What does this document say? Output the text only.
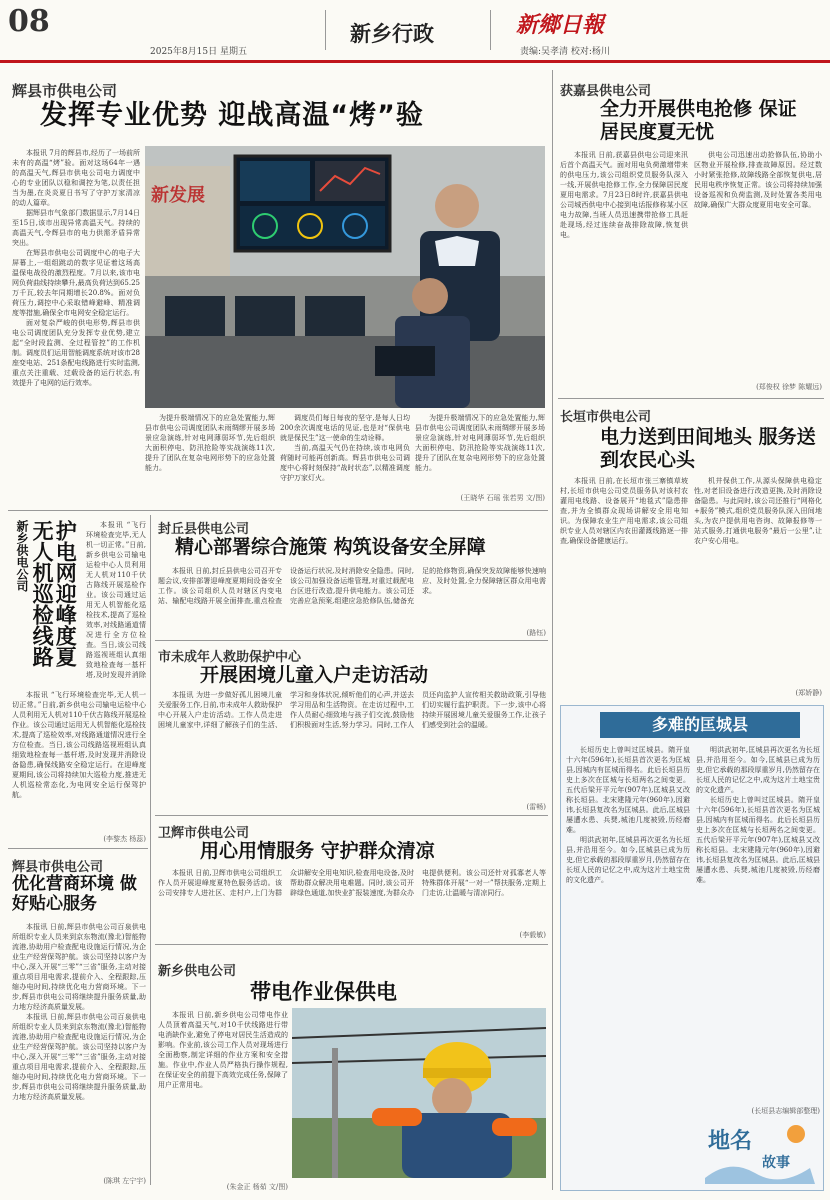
08
2025年8月15日 星期五
新乡行政	新鄉日報
责编:吴孝清 校对:杨川
辉县市供电公司
发挥专业优势 迎战高温“烤”验

本报讯 7月的辉县市,经历了一场前所未有的高温“烤”验。面对这场64年一遇的高温天气,辉县市供电公司电力调度中心的专业团队以稳和调控为笔,以责任担当为墨,在炎炎夏日书写了守护万家清凉的动人篇章。

据辉县市气象部门数据显示,7月14日至15日,该市出现异常高温天气。持续的高温天气,令辉县市的电力供需矛盾异常突出。

在辉县市供电公司调度中心的电子大屏幕上,一组组跳动的数字见证着这场高温保电战役的激烈程度。7月以来,该市电网负荷曲线持续攀升,最高负荷达到65.25万千瓦,较去年同期增长20.8%。面对负荷压力,调控中心采取错峰避峰、精准调度等措施,确保全市电网安全稳定运行。

面对复杂严峻的供电形势,辉县市供电公司调度团队充分发挥专业优势,建立起“全时段监测、全过程管控”的工作机制。调度员们运用智能调度系统对该市28座变电站、251条配电线路进行实时监测,重点关注重载、过载设备的运行状态,有效提升了电网的运行效率。

新发展

为提升极端情况下的应急处置能力,辉县市供电公司调度团队未雨绸缪开展多场景应急演练,针对电网薄弱环节,先后组织大面积停电、防汛抢险等实战演练11次,提升了团队在复杂电网形势下的应急处置能力。

调度员们每日每夜的坚守,是每人日均200余次调度电话的见证,也是对“保供电就是保民生”这一使命的生动诠释。

当前,高温天气仍在持续,该市电网负荷随时可能再创新高。辉县市供电公司调度中心将时刻保持“战时状态”,以精准调度守护万家灯火。

为提升极端情况下的应急处置能力,辉县市供电公司调度团队未雨绸缪开展多场景应急演练,针对电网薄弱环节,先后组织大面积停电、防汛抢险等实战演练11次,提升了团队在复杂电网形势下的应急处置能力。

(王晓华 石瑶 张若男 文/图)
获嘉县供电公司
全力开展供电抢修 保证居民度夏无忧

本报讯 日前,获嘉县供电公司迎来汛后首个高温天气。面对用电负荷激增带来的供电压力,该公司组织党员服务队深入一线,开展供电抢修工作,全力保障居民度夏用电需求。7月23日8时许,获嘉县供电公司城西供电中心接到电话报修称某小区电力故障,当班人员迅速携带抢修工具赶赴现场,经过连续奋战排除故障,恢复供电。

供电公司迅速出动抢修队伍,协助小区物业开展检修,排查故障原因。经过数小时紧张抢修,故障线路全部恢复供电,居民用电秩序恢复正常。该公司将持续加强设备巡视和负荷监测,及时处置各类用电故障,确保广大群众度夏用电安全可靠。

(郑俊权 徐梦 陈耀远)
长垣市供电公司
电力送到田间地头 服务送到农民心头

本报讯 日前,在长垣市张三寨镇草坡村,长垣市供电公司党员服务队对该村农灌用电线路、设备展开“地毯式”隐患排查,并为全镇群众现场讲解安全用电知识。为保障农业生产用电需求,该公司组织专业人员对辖区内农田灌溉线路逐一排查,确保设备健康运行。

机井保供工作,从源头保障供电稳定性,对老旧设备进行改造更换,及时消除设备隐患。与此同时,该公司还推行“网格化+服务”模式,组织党员服务队深入田间地头,为农户提供用电咨询、故障报修等一站式服务,打通供电服务“最后一公里”,让农户安心用电。

(郑娇静)
新乡供电公司	护电网迎峰度夏 无人机巡检线路	本报讯 “飞行环境检查完毕,无人机一切正常。”日前,新乡供电公司输电运检中心人员利用无人机对110千伏古陈线开展巡检作业。该公司通过运用无人机智能化巡检技术,提高了巡检效率,对线路通道情况进行全方位检查。当日,该公司线路巡视班组认真细致地检查每一基杆塔,及时发现并消除

本报讯 “飞行环境检查完毕,无人机一切正常。”日前,新乡供电公司输电运检中心人员利用无人机对110千伏古陈线开展巡检作业。该公司通过运用无人机智能化巡检技术,提高了巡检效率,对线路通道情况进行全方位检查。当日,该公司线路巡视班组认真细致地检查每一基杆塔,及时发现并消除设备隐患,确保线路安全稳定运行。在迎峰度夏期间,该公司将持续加大巡检力度,推进无人机巡检常态化,为电网安全运行保驾护航。

(李黎杰 杨蕊)
封丘县供电公司
精心部署综合施策 构筑设备安全屏障

本报讯 日前,封丘县供电公司召开专题会议,安排部署迎峰度夏期间设备安全工作。该公司组织人员对辖区内变电站、输配电线路开展全面排查,重点检查设备运行状况,及时消除安全隐患。同时,该公司加强设备运维管理,对重过载配电台区进行改造,提升供电能力。该公司还完善应急预案,组建应急抢修队伍,储备充足的抢修物资,确保突发故障能够快速响应、及时处置,全力保障辖区群众用电需求。

(路钰)
市未成年人救助保护中心
开展困境儿童入户走访活动

本报讯 为进一步做好孤儿困境儿童关爱服务工作,日前,市未成年人救助保护中心开展入户走访活动。工作人员走进困境儿童家中,详细了解孩子们的生活、学习和身体状况,倾听他们的心声,并送去学习用品和生活物资。在走访过程中,工作人员耐心细致地与孩子们交流,鼓励他们积极面对生活,努力学习。同时,工作人员还向监护人宣传相关救助政策,引导他们切实履行监护职责。下一步,该中心将持续开展困境儿童关爱服务工作,让孩子们感受到社会的温暖。

(雷畅)
卫辉市供电公司
用心用情服务 守护群众清凉

本报讯 日前,卫辉市供电公司组织工作人员开展迎峰度夏特色服务活动。该公司安排专人进社区、走村户,上门为群众讲解安全用电知识,检查用电设备,及时帮助群众解决用电难题。同时,该公司开辟绿色通道,加快业扩报装速度,为群众办电提供便利。该公司还针对孤寡老人等特殊群体开展“一对一”帮扶服务,定期上门走访,让温暖与清凉同行。

(李毅敏)
辉县市供电公司
优化营商环境 做好贴心服务

本报讯 日前,辉县市供电公司百泉供电所组织专业人员来到京东物流(豫北)智能物流港,协助用户检查配电设施运行情况,为企业生产经营保驾护航。该公司坚持以客户为中心,深入开展“三零”“三省”服务,主动对接重点项目用电需求,提前介入、全程跟踪,压缩办电时间,持续优化电力营商环境。下一步,辉县市供电公司将继续提升服务质量,助力地方经济高质量发展。

本报讯 日前,辉县市供电公司百泉供电所组织专业人员来到京东物流(豫北)智能物流港,协助用户检查配电设施运行情况,为企业生产经营保驾护航。该公司坚持以客户为中心,深入开展“三零”“三省”服务,主动对接重点项目用电需求,提前介入、全程跟踪,压缩办电时间,持续优化电力营商环境。下一步,辉县市供电公司将继续提升服务质量,助力地方经济高质量发展。

(陈琪 左宁宇)
新乡供电公司
带电作业保供电

本报讯 日前,新乡供电公司带电作业人员顶着高温天气,对10千伏线路进行带电消缺作业,避免了停电对居民生活造成的影响。作业前,该公司工作人员对现场进行全面勘察,制定详细的作业方案和安全措施。作业中,作业人员严格执行操作规程,在保证安全的前提下高效完成任务,保障了用户正常用电。

(朱金正 杨茹 文/图)
多难的匡城县

长垣历史上曾叫过匡城县。隋开皇十六年(596年),长垣县首次更名为匡城县,因城内有匡城而得名。此后长垣县历史上多次在匡城与长垣两名之间变更。五代后梁开平元年(907年),匡城县又改称长垣县。北宋建隆元年(960年),因避讳,长垣县复改名为匡城县。此后,匡城县屡遭水患、兵燹,城池几度被毁,历经磨难。

明洪武初年,匡城县再次更名为长垣县,并沿用至今。如今,匡城县已成为历史,但它承载的那段厚重岁月,仍然留存在长垣人民的记忆之中,成为这片土地宝贵的文化遗产。

明洪武初年,匡城县再次更名为长垣县,并沿用至今。如今,匡城县已成为历史,但它承载的那段厚重岁月,仍然留存在长垣人民的记忆之中,成为这片土地宝贵的文化遗产。

长垣历史上曾叫过匡城县。隋开皇十六年(596年),长垣县首次更名为匡城县,因城内有匡城而得名。此后长垣县历史上多次在匡城与长垣两名之间变更。五代后梁开平元年(907年),匡城县又改称长垣县。北宋建隆元年(960年),因避讳,长垣县复改名为匡城县。此后,匡城县屡遭水患、兵燹,城池几度被毁,历经磨难。

(长垣县志编辑部整理)
地名
故事
